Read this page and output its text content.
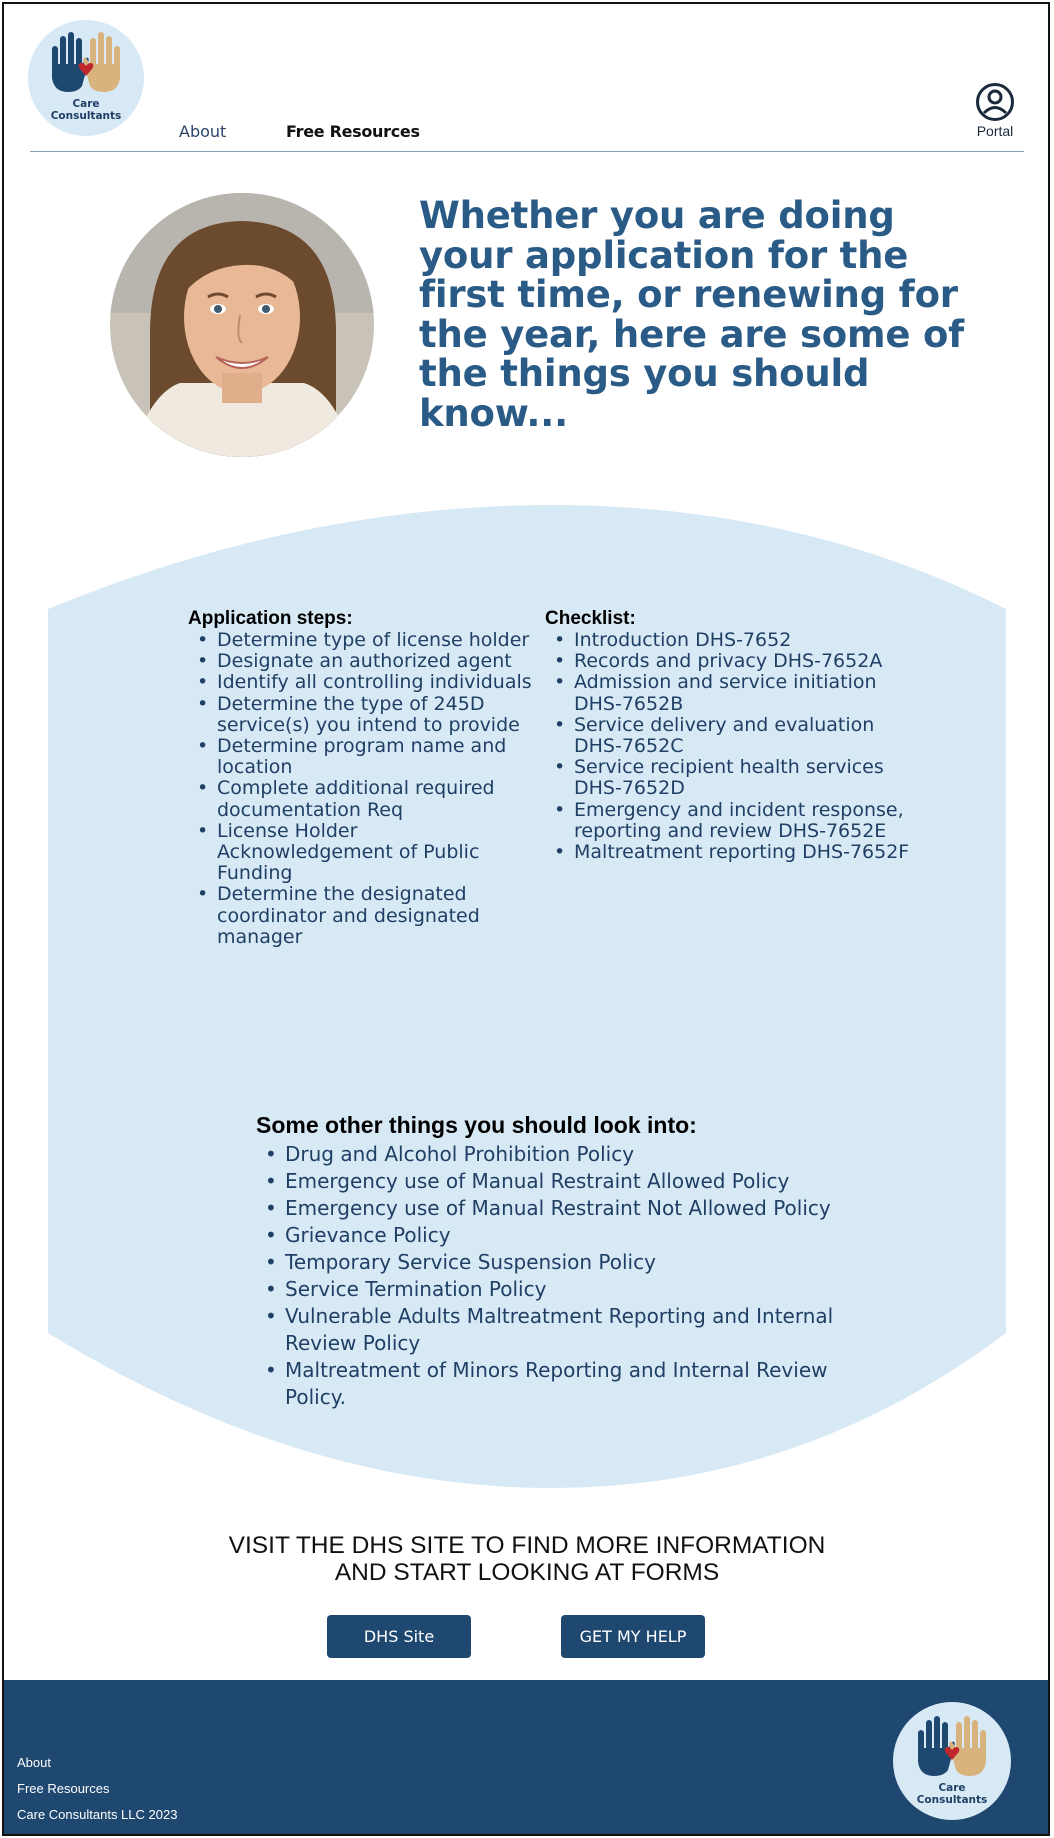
Care
Consultants
About	Free Resources	Portal
Whether you are doing your application for the first time, or renewing for the year, here are some of the things you should know...
Application steps:
• Determine type of license holder
• Designate an authorized agent
• Identify all controlling individuals
• Determine the type of 245D service(s) you intend to provide
• Determine program name and location
• Complete additional required documentation Req
• License Holder Acknowledgement of Public Funding
• Determine the designated coordinator and designated manager
Checklist:
• Introduction DHS-7652
• Records and privacy DHS-7652A
• Admission and service initiation DHS-7652B
• Service delivery and evaluation DHS-7652C
• Service recipient health services DHS-7652D
• Emergency and incident response, reporting and review DHS-7652E
• Maltreatment reporting DHS-7652F
Some other things you should look into:
• Drug and Alcohol Prohibition Policy
• Emergency use of Manual Restraint Allowed Policy
• Emergency use of Manual Restraint Not Allowed Policy
• Grievance Policy
• Temporary Service Suspension Policy
• Service Termination Policy
• Vulnerable Adults Maltreatment Reporting and Internal Review Policy
• Maltreatment of Minors Reporting and Internal Review Policy.

VISIT THE DHS SITE TO FIND MORE INFORMATION
AND START LOOKING AT FORMS

DHS Site	GET MY HELP
About
Free Resources
Care Consultants LLC 2023
Care
Consultants
